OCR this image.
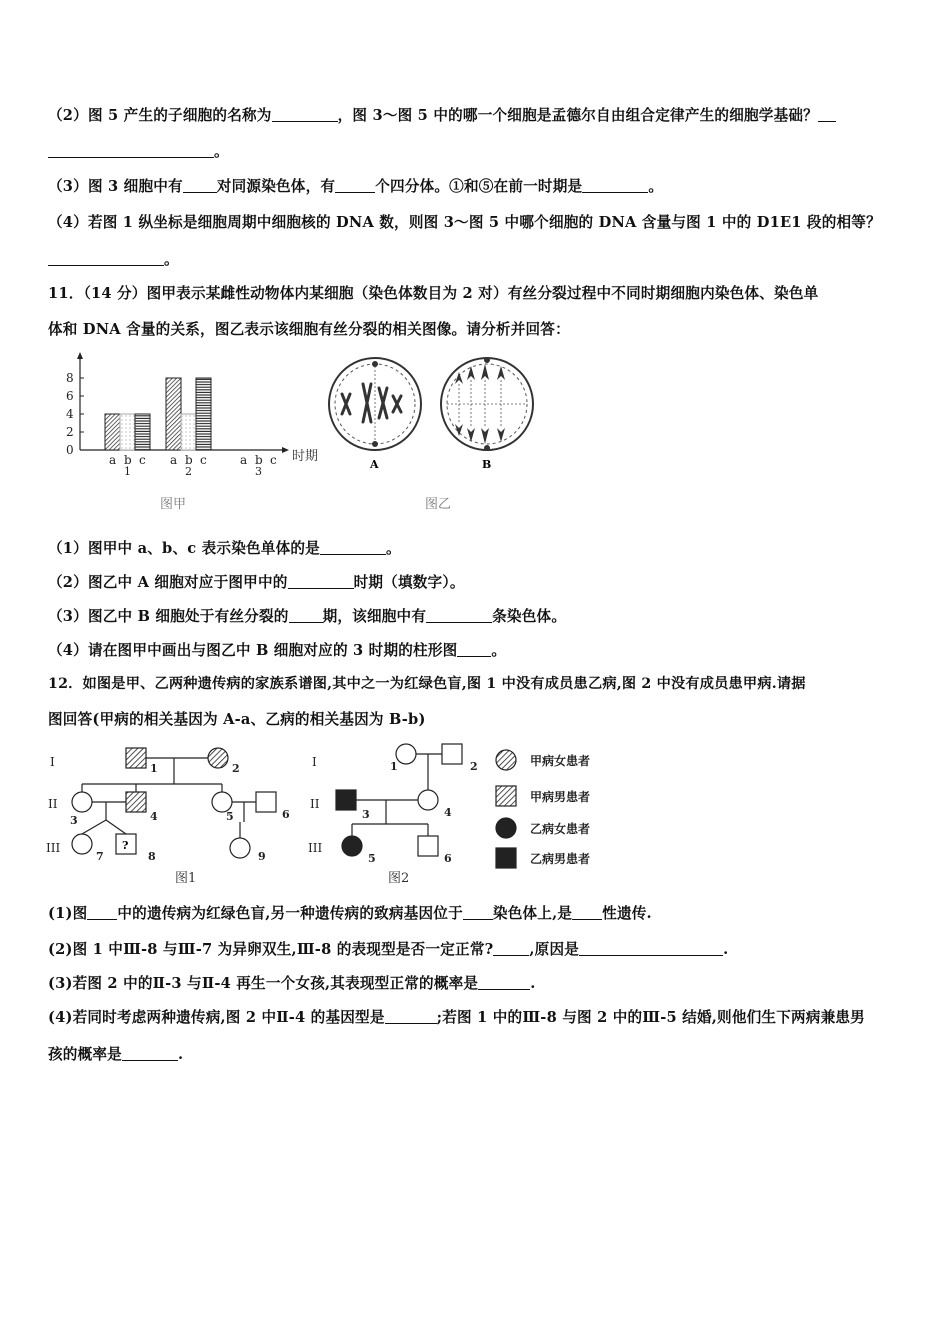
（2）图 5 产生的子细胞的名称为	，图 3～图 5 中的哪一个细胞是孟德尔自由组合定律产生的细胞学基础？
。
（3）图 3 细胞中有 对同源染色体，有	个四分体。①和⑤在前一时期是	。
（4）若图 1 纵坐标是细胞周期中细胞核的 DNA 数，则图 3～图 5 中哪个细胞的 DNA 含量与图 1 中的 D1E1 段的相等？
。
11．（14 分）图甲表示某雌性动物体内某细胞（染色体数目为 2 对）有丝分裂过程中不同时期细胞内染色体、染色单
体和 DNA 含量的关系，图乙表示该细胞有丝分裂的相关图像。请分析并回答：
时期
0
2
4
6
8
a b c
1
a b c
2
a b c
3
图甲
A	B
图乙
（1）图甲中 a、b、c 表示染色单体的是	。
（2）图乙中 A 细胞对应于图甲中的	时期（填数字）。
（3）图乙中 B 细胞处于有丝分裂的 期，该细胞中有	条染色体。
（4）请在图甲中画出与图乙中 B 细胞对应的 3 时期的柱形图 。
12．如图是甲、乙两种遗传病的家族系谱图,其中之一为红绿色盲,图 1 中没有成员患乙病,图 2 中没有成员患甲病.请据
图回答(甲病的相关基因为 A-a、乙病的相关基因为 B-b)
I
II
III	?
1	2
3	4	5	6
7	8	9
图1
I
II
III
1	2
3	4
5	6
图2
甲病女患者
甲病男患者
乙病女患者
乙病男患者
(1)图 中的遗传病为红绿色盲,另一种遗传病的致病基因位于 染色体上,是 性遗传.
(2)图 1 中Ⅲ-8 与Ⅲ-7 为异卵双生,Ⅲ-8 的表现型是否一定正常? ,原因是	.
(3)若图 2 中的Ⅱ-3 与Ⅱ-4 再生一个女孩,其表现型正常的概率是	.
(4)若同时考虑两种遗传病,图 2 中Ⅱ-4 的基因型是	;若图 1 中的Ⅲ-8 与图 2 中的Ⅲ-5 结婚,则他们生下两病兼患男
孩的概率是	.
